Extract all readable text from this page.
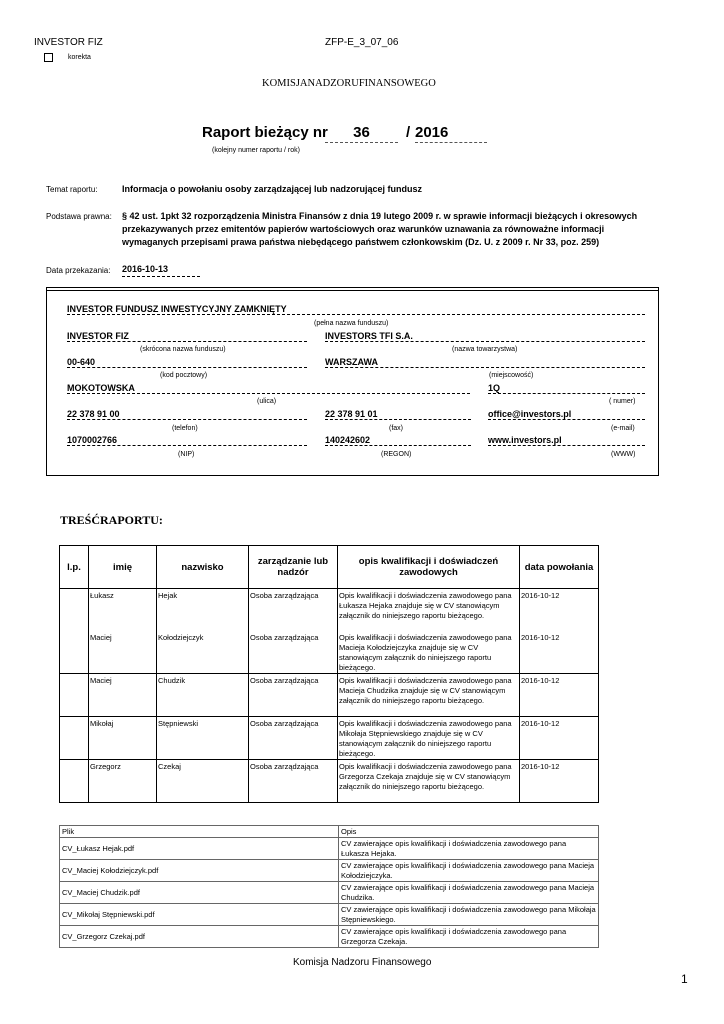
INVESTOR FIZ	ZFP-E_3_07_06
korekta
KOMISJANADZORUFINANSOWEGO
Raport bieżący nr	36	/ 2016
(kolejny numer raportu / rok)
Temat raportu:	Informacja o powołaniu osoby zarządzającej lub nadzorującej fundusz
Podstawa prawna: § 42 ust. 1pkt 32 rozporządzenia Ministra Finansów z dnia 19 lutego 2009 r. w sprawie informacji bieżących i okresowych
przekazywanych przez emitentów papierów wartościowych oraz warunków uznawania za równoważne informacji
wymaganych przepisami prawa państwa niebędącego państwem członkowskim (Dz. U. z 2009 r. Nr 33, poz. 259)
Data przekazania: 2016-10-13
INVESTOR FUNDUSZ INWESTYCYJNY ZAMKNIĘTY
(pełna nazwa funduszu)
INVESTOR FIZ
(skrócona nazwa funduszu)
INVESTORS TFI S.A.
(nazwa towarzystwa)
00-640
(kod pocztowy)
WARSZAWA
(miejscowość)
MOKOTOWSKA
(ulica)
1Q
( numer)
22 378 91 00
(telefon)
22 378 91 01
(fax)
office@investors.pl
(e-mail)
1070002766
(NIP)
140242602
(REGON)
www.investors.pl
(WWW)
TREŚĆRAPORTU:
l.p.	imię	nazwisko	zarządzanie lub nadzór	opis kwalifikacji i doświadczeń zawodowych	data powołania
	Łukasz	Hejak	Osoba zarządzająca	Opis kwalifikacji i doświadczenia zawodowego pana Łukasza Hejaka znajduje się w CV stanowiącym załącznik do niniejszego raportu bieżącego.	2016-10-12
	Maciej	Kołodziejczyk	Osoba zarządzająca	Opis kwalifikacji i doświadczenia zawodowego pana Macieja Kołodziejczyka znajduje się w CV stanowiącym załącznik do niniejszego raportu bieżącego.	2016-10-12
	Maciej	Chudzik	Osoba zarządzająca	Opis kwalifikacji i doświadczenia zawodowego pana Macieja Chudzika znajduje się w CV stanowiącym załącznik do niniejszego raportu bieżącego.	2016-10-12
	Mikołaj	Stępniewski	Osoba zarządzająca	Opis kwalifikacji i doświadczenia zawodowego pana Mikołaja Stępniewskiego znajduje się w CV stanowiącym załącznik do niniejszego raportu bieżącego.	2016-10-12
	Grzegorz	Czekaj	Osoba zarządzająca	Opis kwalifikacji i doświadczenia zawodowego pana Grzegorza Czekaja znajduje się w CV stanowiącym załącznik do niniejszego raportu bieżącego.	2016-10-12
Plik	Opis
CV_Łukasz Hejak.pdf	CV zawierające opis kwalifikacji i doświadczenia zawodowego pana Łukasza Hejaka.
CV_Maciej Kołodziejczyk.pdf	CV zawierające opis kwalifikacji i doświadczenia zawodowego pana Macieja Kołodziejczyka.
CV_Maciej Chudzik.pdf	CV zawierające opis kwalifikacji i doświadczenia zawodowego pana Macieja Chudzika.
CV_Mikołaj Stępniewski.pdf	CV zawierające opis kwalifikacji i doświadczenia zawodowego pana Mikołaja Stępniewskiego.
CV_Grzegorz Czekaj.pdf	CV zawierające opis kwalifikacji i doświadczenia zawodowego pana Grzegorza Czekaja.
Komisja Nadzoru Finansowego
1
